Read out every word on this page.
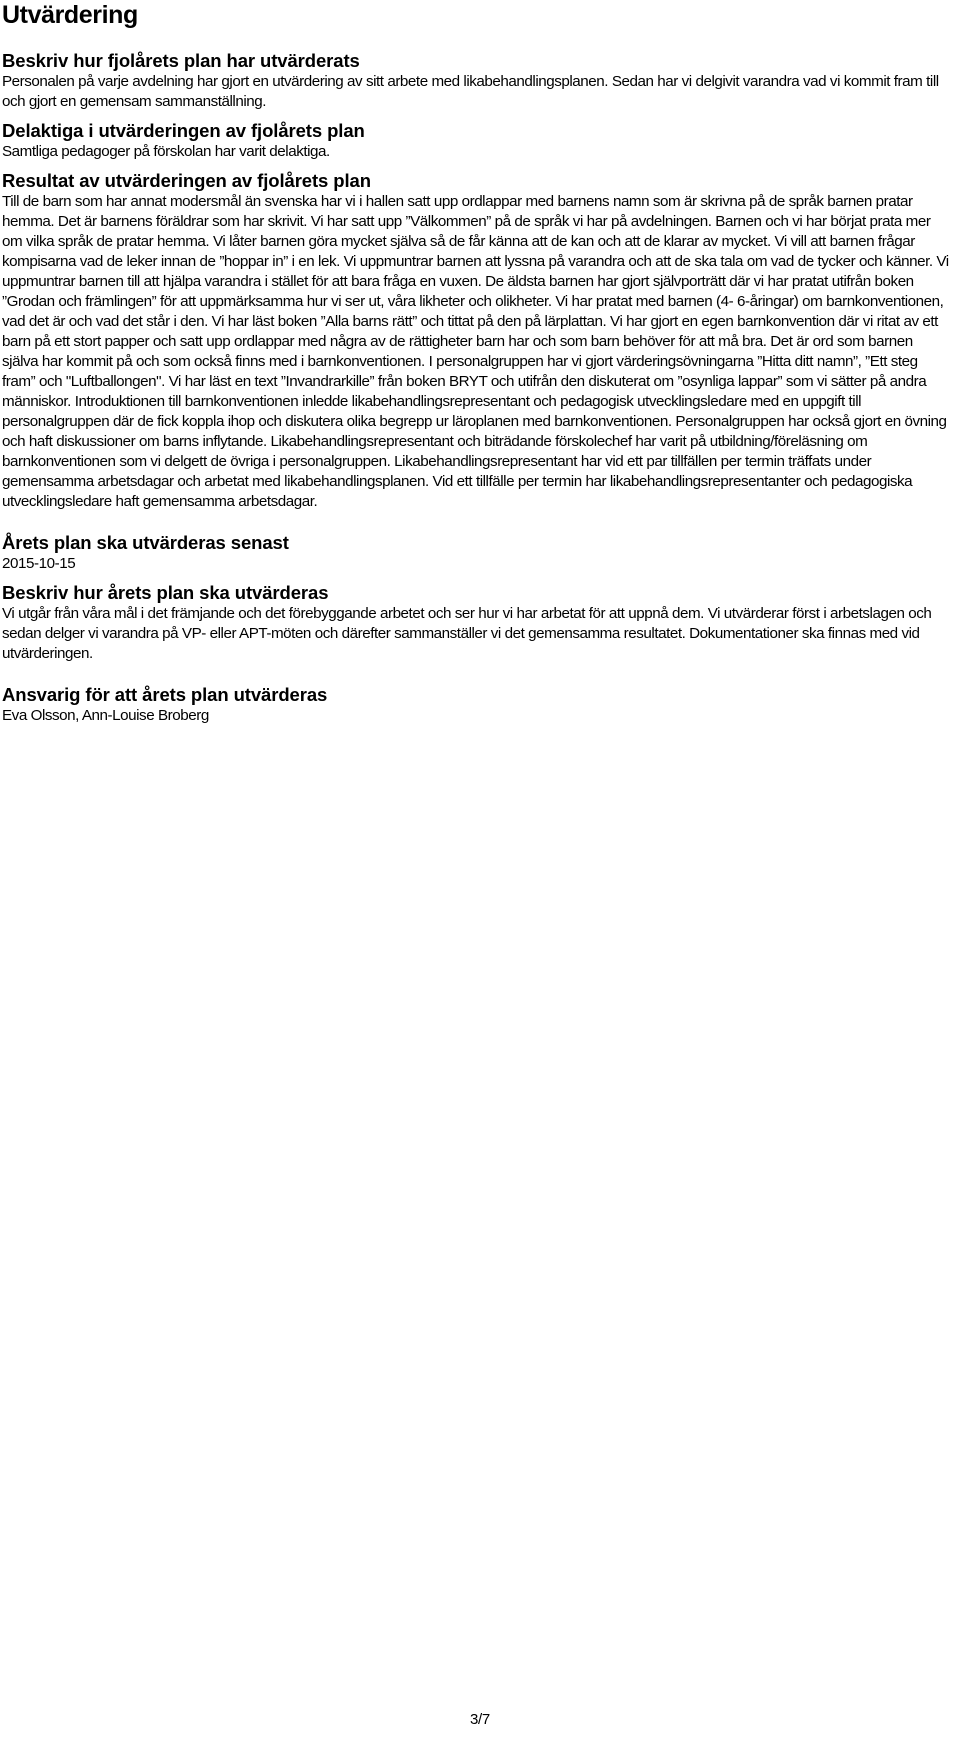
Utvärdering
Beskriv hur fjolårets plan har utvärderats

Personalen på varje avdelning har gjort en utvärdering av sitt arbete med likabehandlingsplanen. Sedan har vi delgivit varandra vad vi kommit fram till och gjort en gemensam sammanställning.

Delaktiga i utvärderingen av fjolårets plan

Samtliga pedagoger på förskolan har varit delaktiga.

Resultat av utvärderingen av fjolårets plan

Till de barn som har annat modersmål än svenska har vi i hallen satt upp ordlappar med barnens namn som är skrivna på de språk barnen pratar hemma. Det är barnens föräldrar som har skrivit. Vi har satt upp ”Välkommen” på de språk vi har på avdelningen. Barnen och vi har börjat prata mer om vilka språk de pratar hemma. Vi låter barnen göra mycket själva så de får känna att de kan och att de klarar av mycket. Vi vill att barnen frågar kompisarna vad de leker innan de ”hoppar in” i en lek. Vi uppmuntrar barnen att lyssna på varandra och att de ska tala om vad de tycker och känner. Vi uppmuntrar barnen till att hjälpa varandra i stället för att bara fråga en vuxen. De äldsta barnen har gjort självporträtt där vi har pratat utifrån boken ”Grodan och främlingen” för att uppmärksamma hur vi ser ut, våra likheter och olikheter. Vi har pratat med barnen (4- 6-åringar) om barnkonventionen, vad det är och vad det står i den. Vi har läst boken ”Alla barns rätt” och tittat på den på lärplattan. Vi har gjort en egen barnkonvention där vi ritat av ett barn på ett stort papper och satt upp ordlappar med några av de rättigheter barn har och som barn behöver för att må bra. Det är ord som barnen själva har kommit på och som också finns med i barnkonventionen. I personalgruppen har vi gjort värderingsövningarna ”Hitta ditt namn”, ”Ett steg fram” och "Luftballongen". Vi har läst en text ”Invandrarkille” från boken BRYT och utifrån den diskuterat om ”osynliga lappar” som vi sätter på andra människor. Introduktionen till barnkonventionen inledde likabehandlingsrepresentant och pedagogisk utvecklingsledare med en uppgift till personalgruppen där de fick koppla ihop och diskutera olika begrepp ur läroplanen med barnkonventionen. Personalgruppen har också gjort en övning och haft diskussioner om barns inflytande. Likabehandlingsrepresentant och biträdande förskolechef har varit på utbildning/föreläsning om barnkonventionen som vi delgett de övriga i personalgruppen. Likabehandlingsrepresentant har vid ett par tillfällen per termin träffats under gemensamma arbetsdagar och arbetat med likabehandlingsplanen. Vid ett tillfälle per termin har likabehandlingsrepresentanter och pedagogiska utvecklingsledare haft gemensamma arbetsdagar.

Årets plan ska utvärderas senast

2015-10-15

Beskriv hur årets plan ska utvärderas

Vi utgår från våra mål i det främjande och det förebyggande arbetet och ser hur vi har arbetat för att uppnå dem. Vi utvärderar först i arbetslagen och sedan delger vi varandra på VP- eller APT-möten och därefter sammanställer vi det gemensamma resultatet. Dokumentationer ska finnas med vid utvärderingen.

Ansvarig för att årets plan utvärderas

Eva Olsson, Ann-Louise Broberg

3/7
